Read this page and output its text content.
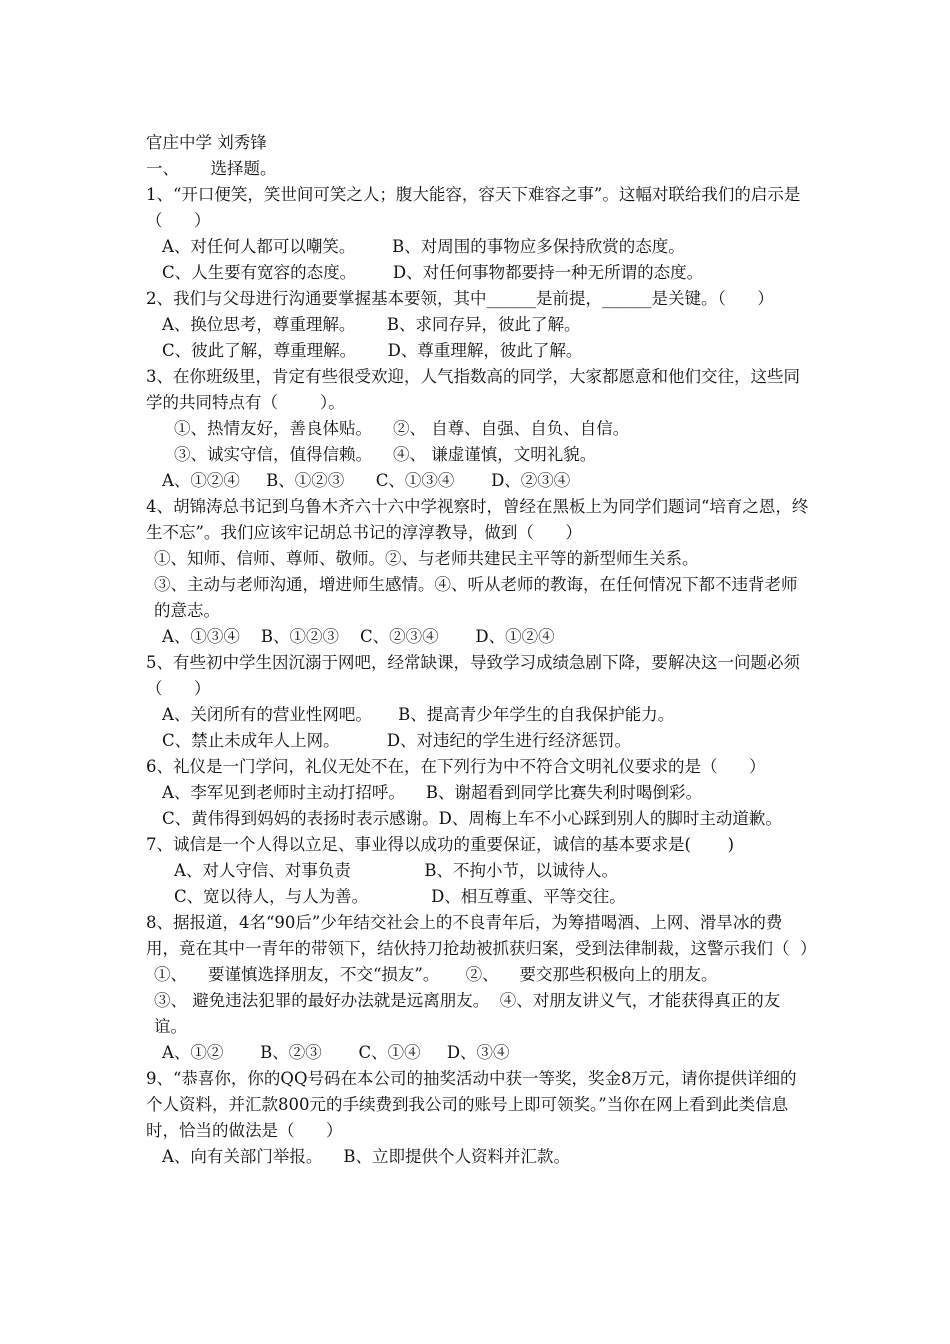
官庄中学 刘秀锋

一、      选择题。

1、“开口便笑，笑世间可笑之人；腹大能容，容天下难容之事”。这幅对联给我们的启示是（      ）

A、对任何人都可以嘲笑。       B、对周围的事物应多保持欣赏的态度。

C、人生要有宽容的态度。       D、对任何事物都要持一种无所谓的态度。

2、我们与父母进行沟通要掌握基本要领，其中______是前提，______是关键。（      ）

A、换位思考，尊重理解。      B、求同存异，彼此了解。

C、彼此了解，尊重理解。      D、尊重理解，彼此了解。

3、在你班级里，肯定有些很受欢迎，人气指数高的同学，大家都愿意和他们交往，这些同学的共同特点有（        ）。

①、热情友好，善良体贴。    ②、 自尊、自强、自负、自信。

③、诚实守信，值得信赖。    ④、 谦虚谨慎，文明礼貌。

A、①②④     B、①②③      C、①③④       D、②③④

4、胡锦涛总书记到乌鲁木齐六十六中学视察时，曾经在黑板上为同学们题词“培育之恩，终生不忘”。我们应该牢记胡总书记的淳淳教导，做到（      ）

①、知师、信师、尊师、敬师。②、与老师共建民主平等的新型师生关系。

③、主动与老师沟通，增进师生感情。④、听从老师的教诲，在任何情况下都不违背老师的意志。

A、①③④    B、①②③    C、②③④       D、①②④

5、有些初中学生因沉溺于网吧，经常缺课，导致学习成绩急剧下降，要解决这一问题必须（      ）

A、关闭所有的营业性网吧。     B、提高青少年学生的自我保护能力。

C、禁止未成年人上网。         D、对违纪的学生进行经济惩罚。

6、礼仪是一门学问，礼仪无处不在，在下列行为中不符合文明礼仪要求的是（      ）

A、李军见到老师时主动打招呼。    B、谢超看到同学比赛失利时喝倒彩。

C、黄伟得到妈妈的表扬时表示感谢。D、周梅上车不小心踩到别人的脚时主动道歉。

7、诚信是一个人得以立足、事业得以成功的重要保证，诚信的基本要求是(       )

A、对人守信、对事负责              B、不拘小节，以诚待人。

C、宽以待人，与人为善。            D、相互尊重、平等交往。

8、据报道，4名“90后”少年结交社会上的不良青年后，为筹措喝酒、上网、滑旱冰的费用，竟在其中一青年的带领下，结伙持刀抢劫被抓获归案，受到法律制裁，这警示我们（  ）

①、    要谨慎选择朋友，不交“损友”。     ②、    要交那些积极向上的朋友。

③、 避免违法犯罪的最好办法就是远离朋友。  ④、对朋友讲义气，才能获得真正的友谊。

A、①②       B、②③       C、①④     D、③④

9、“恭喜你，你的QQ号码在本公司的抽奖活动中获一等奖，奖金8万元，请你提供详细的个人资料，并汇款800元的手续费到我公司的账号上即可领奖。”当你在网上看到此类信息时，恰当的做法是（      ）

A、向有关部门举报。    B、立即提供个人资料并汇款。
